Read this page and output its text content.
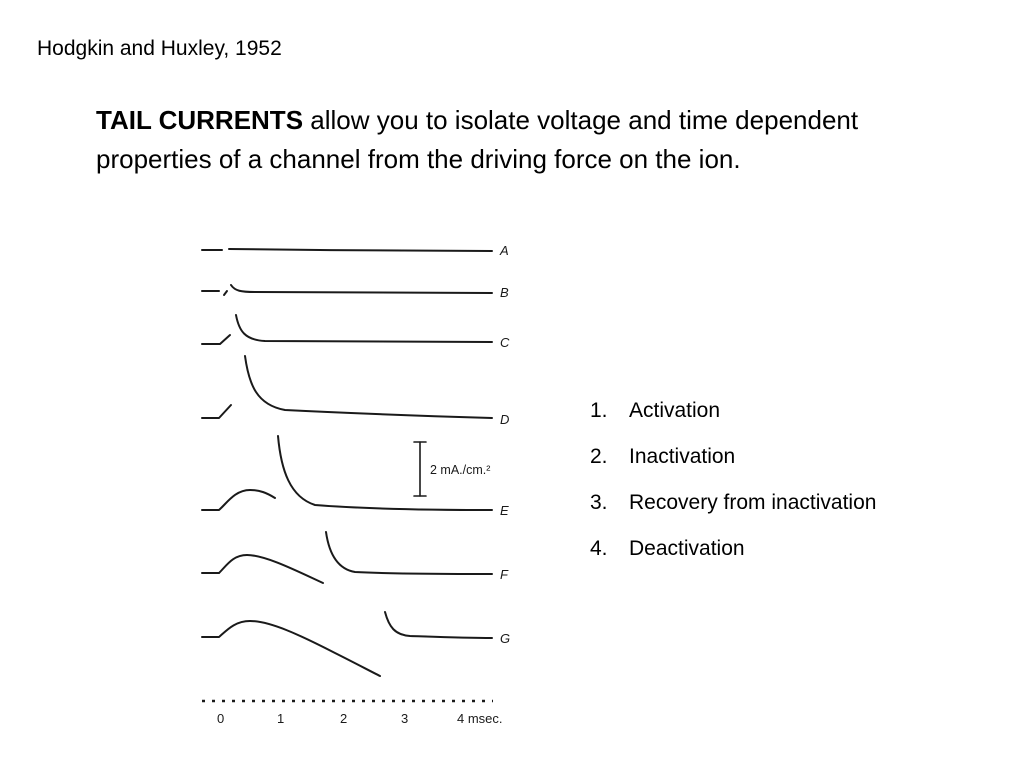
Hodgkin and Huxley, 1952
TAIL CURRENTS allow you to isolate voltage and time dependent properties of a channel from the driving force on the ion.
A
B
C
D
E
F
G
2 mA./cm.²
0	1	2	3	4 msec.
1. Activation
2. Inactivation
3. Recovery from inactivation
4. Deactivation
